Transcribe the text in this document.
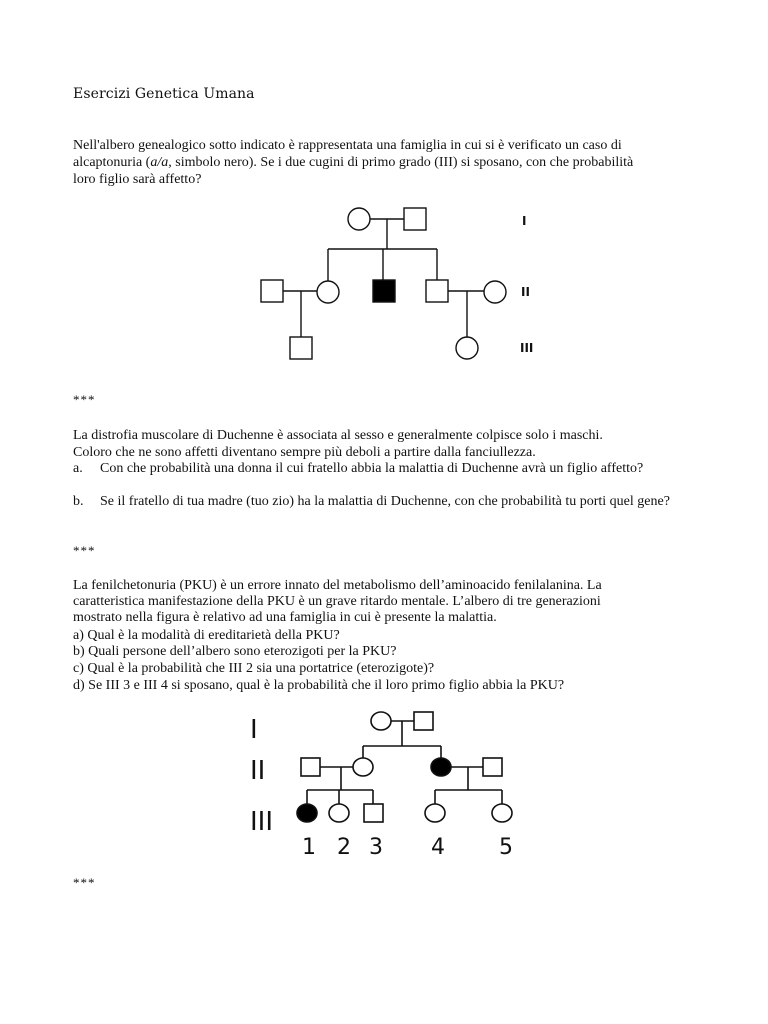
Esercizi Genetica Umana
Nell'albero genealogico sotto indicato è rappresentata una famiglia in cui si è verificato un caso di
alcaptonuria (a/a, simbolo nero). Se i due cugini di primo grado (III) si sposano, con che probabilità
loro figlio sarà affetto?
I
II
III
***
La distrofia muscolare di Duchenne è associata al sesso e generalmente colpisce solo i maschi.
Coloro che ne sono affetti diventano sempre più deboli a partire dalla fanciullezza.
a. Con che probabilità una donna il cui fratello abbia la malattia di Duchenne avrà un figlio affetto?
b. Se il fratello di tua madre (tuo zio) ha la malattia di Duchenne, con che probabilità tu porti quel gene?
***
La fenilchetonuria (PKU) è un errore innato del metabolismo dell’aminoacido fenilalanina. La
caratteristica manifestazione della PKU è un grave ritardo mentale. L’albero di tre generazioni
mostrato nella figura è relativo ad una famiglia in cui è presente la malattia.
a) Qual è la modalità di ereditarietà della PKU?
b) Quali persone dell’albero sono eterozigoti per la PKU?
c) Qual è la probabilità che III 2 sia una portatrice (eterozigote)?
d) Se III 3 e III 4 si sposano, qual è la probabilità che il loro primo figlio abbia la PKU?
I
II
III
1 2 3 4 5
***
